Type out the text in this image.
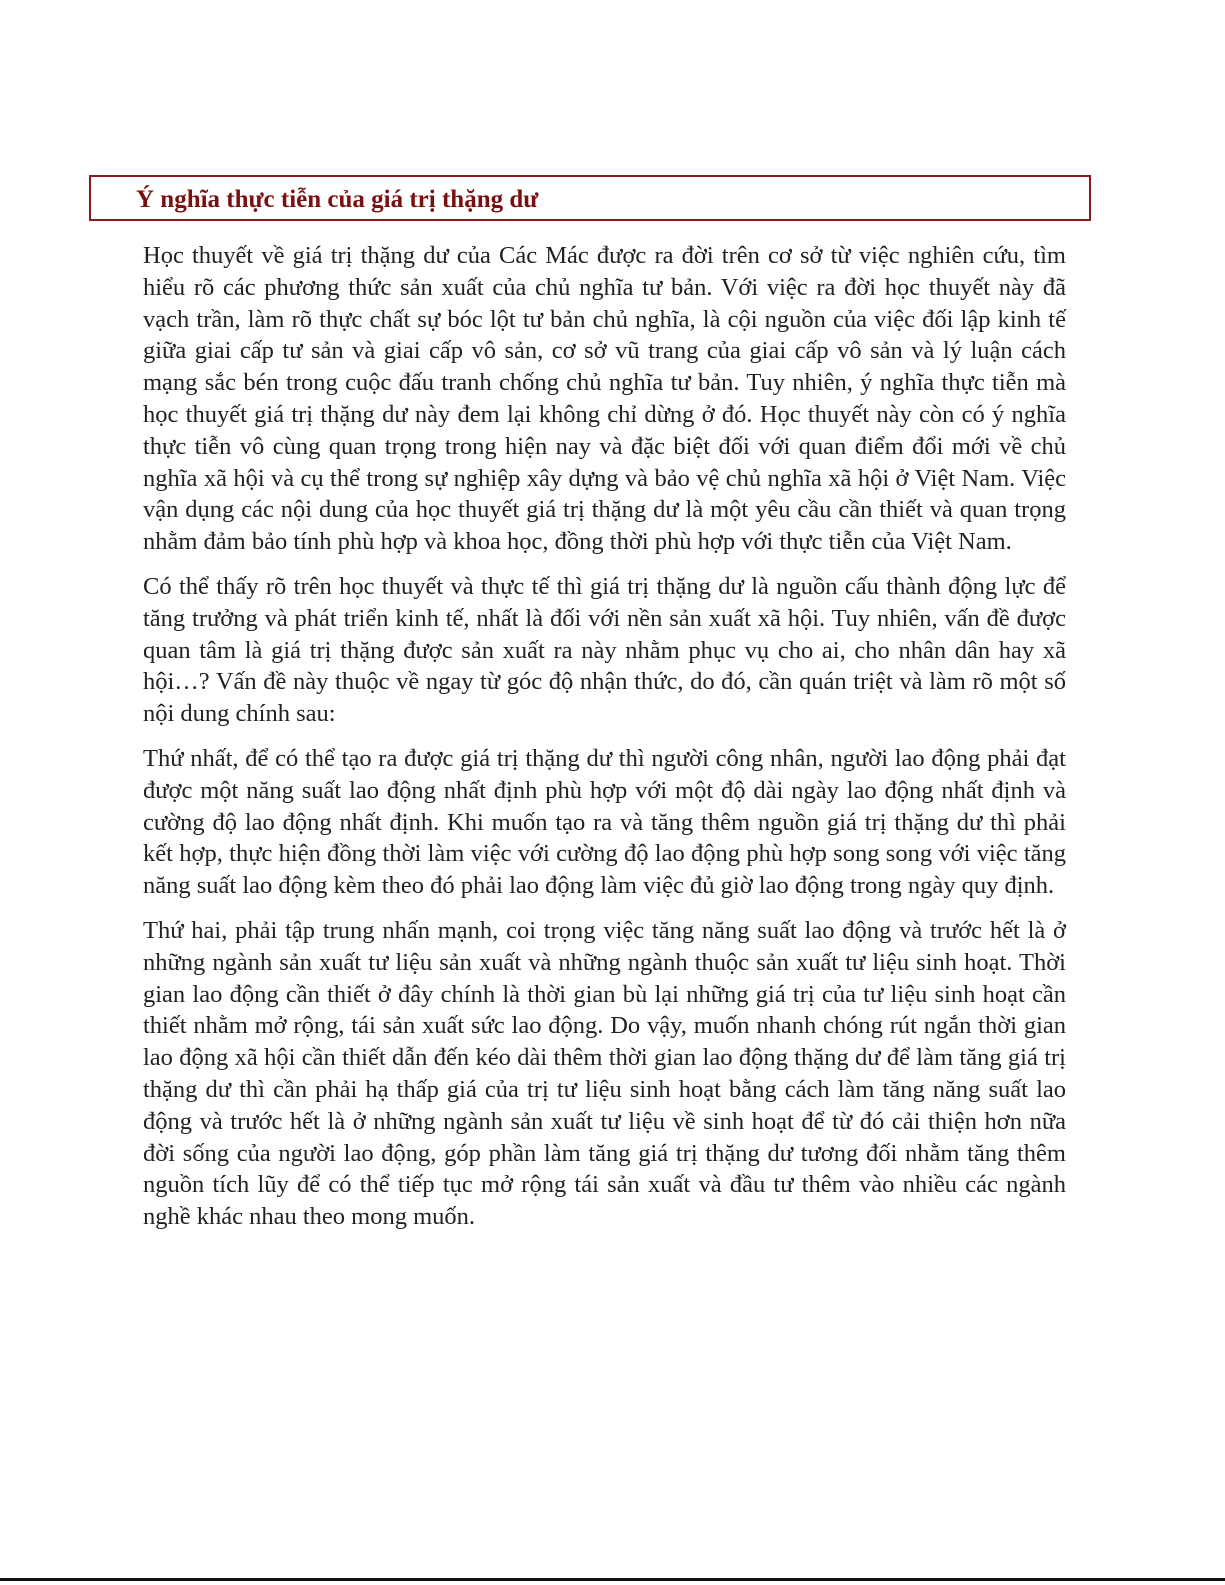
Ý nghĩa thực tiễn của giá trị thặng dư

Học thuyết về giá trị thặng dư của Các Mác được ra đời trên cơ sở từ việc nghiên cứu, tìm hiểu rõ các phương thức sản xuất của chủ nghĩa tư bản. Với việc ra đời học thuyết này đã vạch trần, làm rõ thực chất sự bóc lột tư bản chủ nghĩa, là cội nguồn của việc đối lập kinh tế giữa giai cấp tư sản và giai cấp vô sản, cơ sở vũ trang của giai cấp vô sản và lý luận cách mạng sắc bén trong cuộc đấu tranh chống chủ nghĩa tư bản. Tuy nhiên, ý nghĩa thực tiễn mà học thuyết giá trị thặng dư này đem lại không chỉ dừng ở đó. Học thuyết này còn có ý nghĩa thực tiễn vô cùng quan trọng trong hiện nay và đặc biệt đối với quan điểm đổi mới về chủ nghĩa xã hội và cụ thể trong sự nghiệp xây dựng và bảo vệ chủ nghĩa xã hội ở Việt Nam. Việc vận dụng các nội dung của học thuyết giá trị thặng dư là một yêu cầu cần thiết và quan trọng nhằm đảm bảo tính phù hợp và khoa học, đồng thời phù hợp với thực tiễn của Việt Nam.

Có thể thấy rõ trên học thuyết và thực tế thì giá trị thặng dư là nguồn cấu thành động lực để tăng trưởng và phát triển kinh tế, nhất là đối với nền sản xuất xã hội. Tuy nhiên, vấn đề được quan tâm là giá trị thặng được sản xuất ra này nhằm phục vụ cho ai, cho nhân dân hay xã hội…? Vấn đề này thuộc về ngay từ góc độ nhận thức, do đó, cần quán triệt và làm rõ một số nội dung chính sau:

Thứ nhất, để có thể tạo ra được giá trị thặng dư thì người công nhân, người lao động phải đạt được một năng suất lao động nhất định phù hợp với một độ dài ngày lao động nhất định và cường độ lao động nhất định. Khi muốn tạo ra và tăng thêm nguồn giá trị thặng dư thì phải kết hợp, thực hiện đồng thời làm việc với cường độ lao động phù hợp song song với việc tăng năng suất lao động kèm theo đó phải lao động làm việc đủ giờ lao động trong ngày quy định.

Thứ hai, phải tập trung nhấn mạnh, coi trọng việc tăng năng suất lao động và trước hết là ở những ngành sản xuất tư liệu sản xuất và những ngành thuộc sản xuất tư liệu sinh hoạt. Thời gian lao động cần thiết ở đây chính là thời gian bù lại những giá trị của tư liệu sinh hoạt cần thiết nhằm mở rộng, tái sản xuất sức lao động. Do vậy, muốn nhanh chóng rút ngắn thời gian lao động xã hội cần thiết dẫn đến kéo dài thêm thời gian lao động thặng dư để làm tăng giá trị thặng dư thì cần phải hạ thấp giá của trị tư liệu sinh hoạt bằng cách làm tăng năng suất lao động và trước hết là ở những ngành sản xuất tư liệu về sinh hoạt để từ đó cải thiện hơn nữa đời sống của người lao động, góp phần làm tăng giá trị thặng dư tương đối nhằm tăng thêm nguồn tích lũy để có thể tiếp tục mở rộng tái sản xuất và đầu tư thêm vào nhiều các ngành nghề khác nhau theo mong muốn.
